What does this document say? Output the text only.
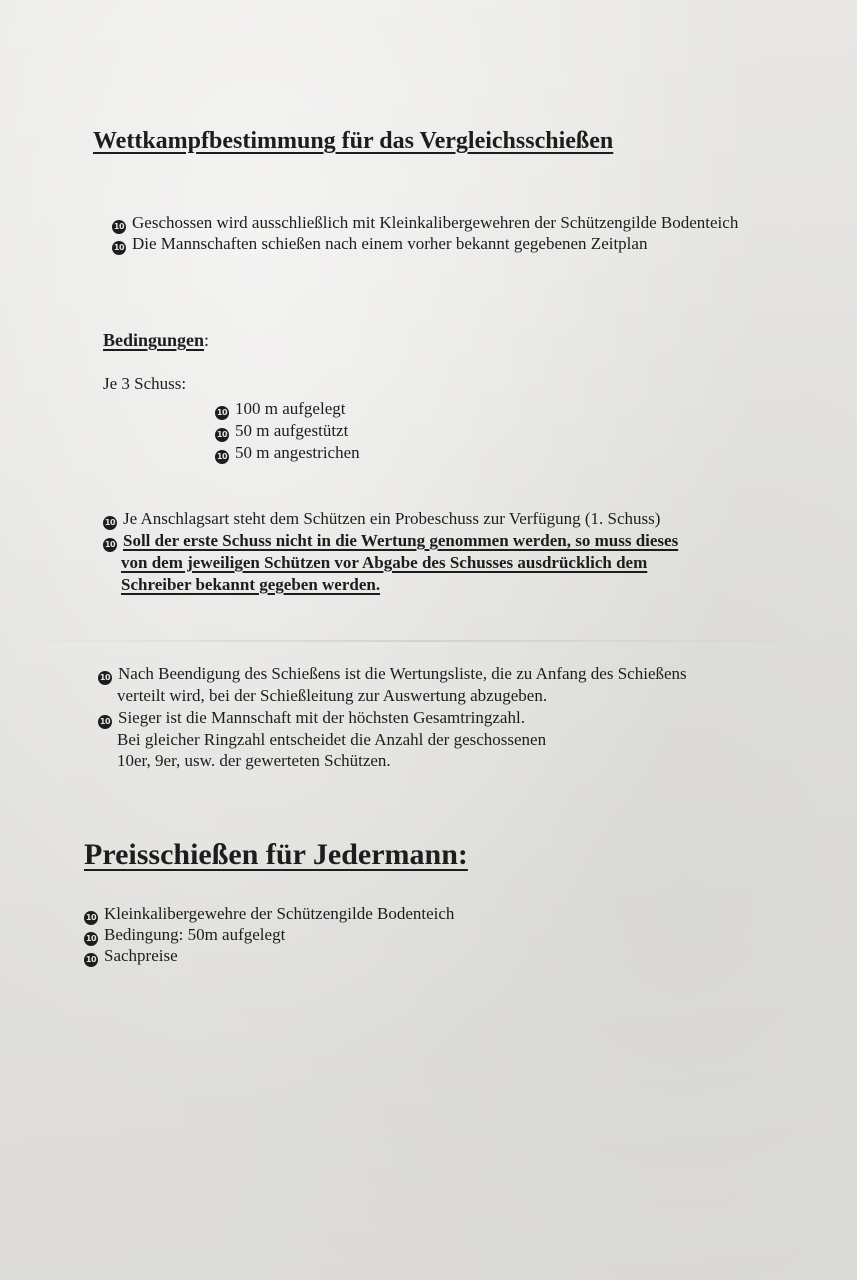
Wettkampfbestimmung für das Vergleichsschießen
10 Geschossen wird ausschließlich mit Kleinkalibergewehren der Schützengilde Bodenteich
10 Die Mannschaften schießen nach einem vorher bekannt gegebenen Zeitplan
Bedingungen:
Je 3 Schuss:
10 100 m aufgelegt
10 50 m aufgestützt
10 50 m angestrichen
10 Je Anschlagsart steht dem Schützen ein Probeschuss zur Verfügung (1. Schuss)
10 Soll der erste Schuss nicht in die Wertung genommen werden, so muss dieses
von dem jeweiligen Schützen vor Abgabe des Schusses ausdrücklich dem
Schreiber bekannt gegeben werden.
10 Nach Beendigung des Schießens ist die Wertungsliste, die zu Anfang des Schießens
verteilt wird, bei der Schießleitung zur Auswertung abzugeben.
10 Sieger ist die Mannschaft mit der höchsten Gesamtringzahl.
Bei gleicher Ringzahl entscheidet die Anzahl der geschossenen
10er, 9er, usw. der gewerteten Schützen.
Preisschießen für Jedermann:
10 Kleinkalibergewehre der Schützengilde Bodenteich
10 Bedingung: 50m aufgelegt
10 Sachpreise
